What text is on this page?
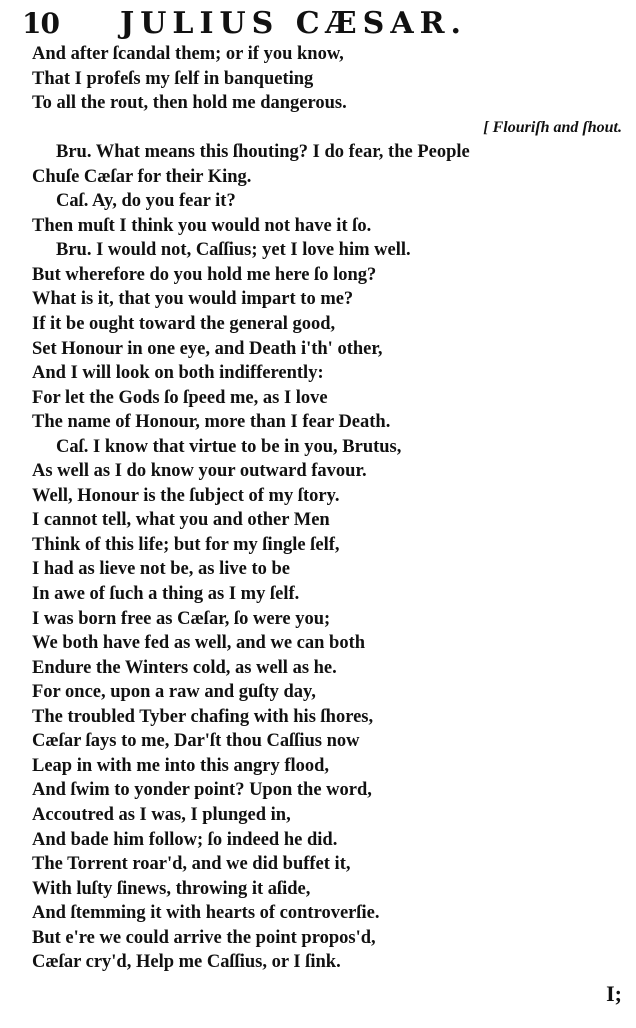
10 JULIUS CÆSAR.
And after ſcandal them; or if you know,
That I profeſs my ſelf in banqueting
To all the rout, then hold me dangerous.
[ Flouriſh and ſhout.
Bru. What means this ſhouting? I do fear, the People
Chuſe Cæſar for their King.
Caſ. Ay, do you fear it?
Then muſt I think you would not have it ſo.
Bru. I would not, Caſſius; yet I love him well.
But wherefore do you hold me here ſo long?
What is it, that you would impart to me?
If it be ought toward the general good,
Set Honour in one eye, and Death i'th' other,
And I will look on both indifferently:
For let the Gods ſo ſpeed me, as I love
The name of Honour, more than I fear Death.
Caſ. I know that virtue to be in you, Brutus,
As well as I do know your outward favour.
Well, Honour is the ſubject of my ſtory.
I cannot tell, what you and other Men
Think of this life; but for my ſingle ſelf,
I had as lieve not be, as live to be
In awe of ſuch a thing as I my ſelf.
I was born free as Cæſar, ſo were you;
We both have fed as well, and we can both
Endure the Winters cold, as well as he.
For once, upon a raw and guſty day,
The troubled Tyber chafing with his ſhores,
Cæſar ſays to me, Dar'ſt thou Caſſius now
Leap in with me into this angry flood,
And ſwim to yonder point? Upon the word,
Accoutred as I was, I plunged in,
And bade him follow; ſo indeed he did.
The Torrent roar'd, and we did buffet it,
With luſty ſinews, throwing it aſide,
And ſtemming it with hearts of controverſie.
But e're we could arrive the point propos'd,
Cæſar cry'd, Help me Caſſius, or I ſink.
I;
